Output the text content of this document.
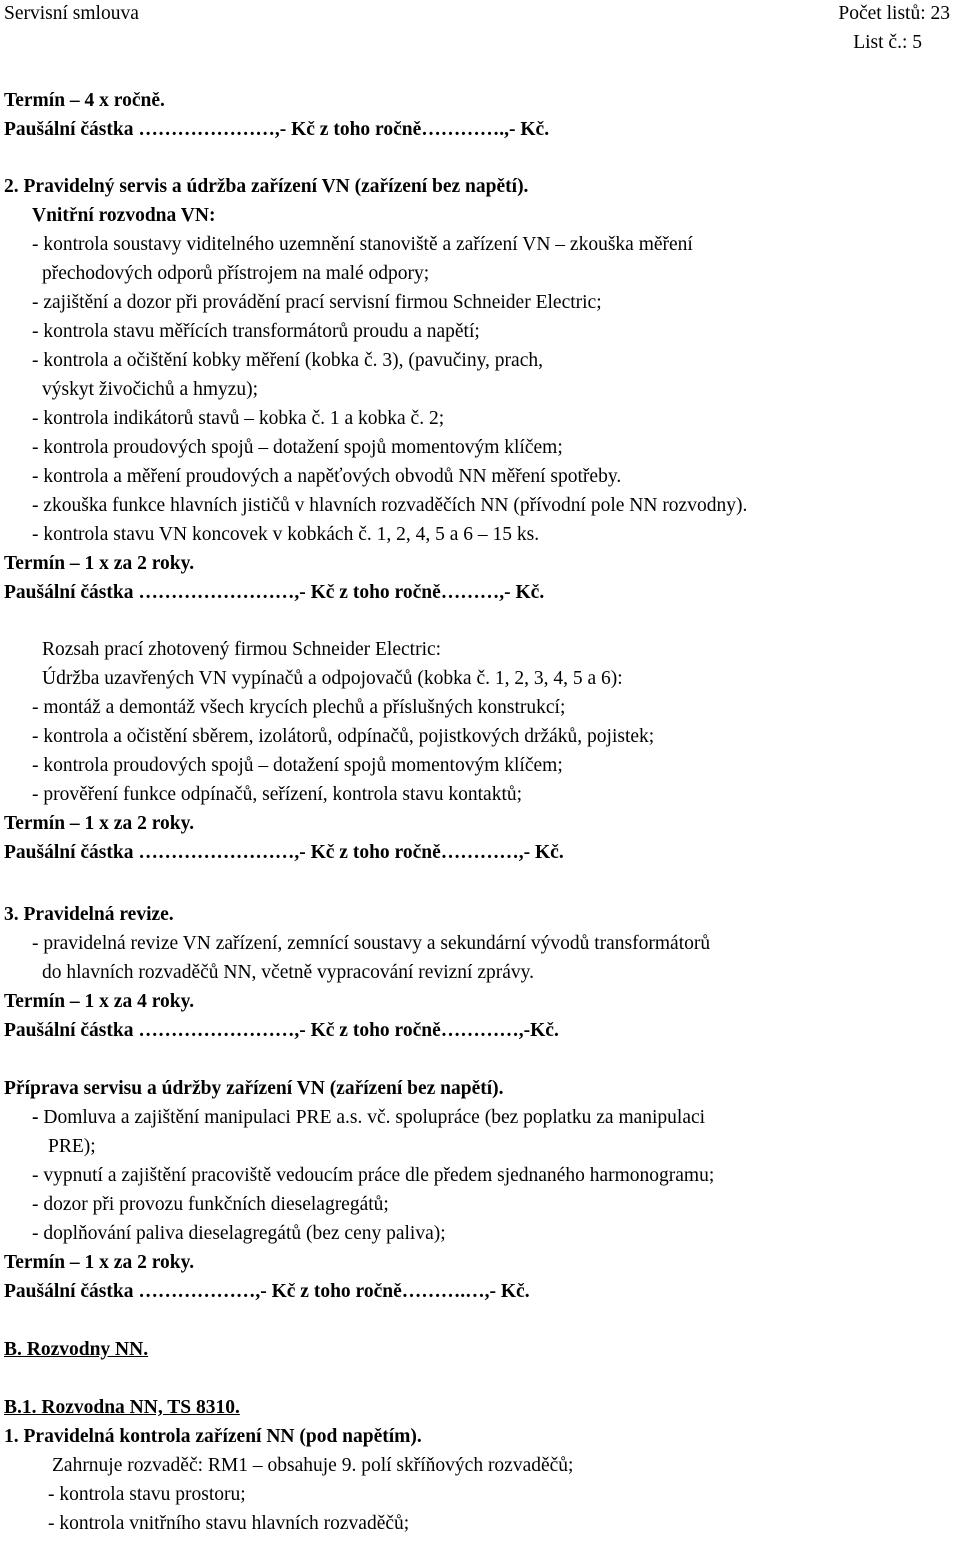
Servisní smlouva	Počet listů: 23
List č.: 5
Termín – 4 x ročně.
Paušální částka …………………,- Kč z toho ročně………….,- Kč.
2. Pravidelný servis a údržba zařízení VN (zařízení bez napětí).
Vnitřní rozvodna VN:
- kontrola soustavy viditelného uzemnění stanoviště a zařízení VN – zkouška měření
přechodových odporů přístrojem na malé odpory;
- zajištění a dozor při provádění prací servisní firmou Schneider Electric;
- kontrola stavu měřících transformátorů proudu a napětí;
- kontrola a očištění kobky měření (kobka č. 3), (pavučiny, prach,
výskyt živočichů a hmyzu);
- kontrola indikátorů stavů – kobka č. 1 a kobka č. 2;
- kontrola proudových spojů – dotažení spojů momentovým klíčem;
- kontrola a měření proudových a napěťových obvodů NN měření spotřeby.
- zkouška funkce hlavních jističů v hlavních rozvaděčích NN (přívodní pole NN rozvodny).
- kontrola stavu VN koncovek v kobkách č. 1, 2, 4, 5 a 6 – 15 ks.
Termín – 1 x za 2 roky.
Paušální částka ……………………,- Kč z toho ročně………,- Kč.
Rozsah prací zhotovený firmou Schneider Electric:
Údržba uzavřených VN vypínačů a odpojovačů (kobka č. 1, 2, 3, 4, 5 a 6):
- montáž a demontáž všech krycích plechů a příslušných konstrukcí;
- kontrola a očistění sběrem, izolátorů, odpínačů, pojistkových držáků, pojistek;
- kontrola proudových spojů – dotažení spojů momentovým klíčem;
- prověření funkce odpínačů, seřízení, kontrola stavu kontaktů;
Termín – 1 x za 2 roky.
Paušální částka ……………………,- Kč z toho ročně…………,- Kč.
3. Pravidelná revize.
- pravidelná revize VN zařízení, zemnící soustavy a sekundární vývodů transformátorů
do hlavních rozvaděčů NN, včetně vypracování revizní zprávy.
Termín – 1 x za 4 roky.
Paušální částka ……………………,- Kč z toho ročně…………,-Kč.
Příprava servisu a údržby zařízení VN (zařízení bez napětí).
- Domluva a zajištění manipulaci PRE a.s. vč. spolupráce (bez poplatku za manipulaci
PRE);
- vypnutí a zajištění pracoviště vedoucím práce dle předem sjednaného harmonogramu;
- dozor při provozu funkčních dieselagregátů;
- doplňování paliva dieselagregátů (bez ceny paliva);
Termín – 1 x za 2 roky.
Paušální částka ………………,- Kč z toho ročně……….…,- Kč.
B. Rozvodny NN.
B.1. Rozvodna NN, TS 8310.
1. Pravidelná kontrola zařízení NN (pod napětím).
Zahrnuje rozvaděč: RM1 – obsahuje 9. polí skříňových rozvaděčů;
- kontrola stavu prostoru;
- kontrola vnitřního stavu hlavních rozvaděčů;
